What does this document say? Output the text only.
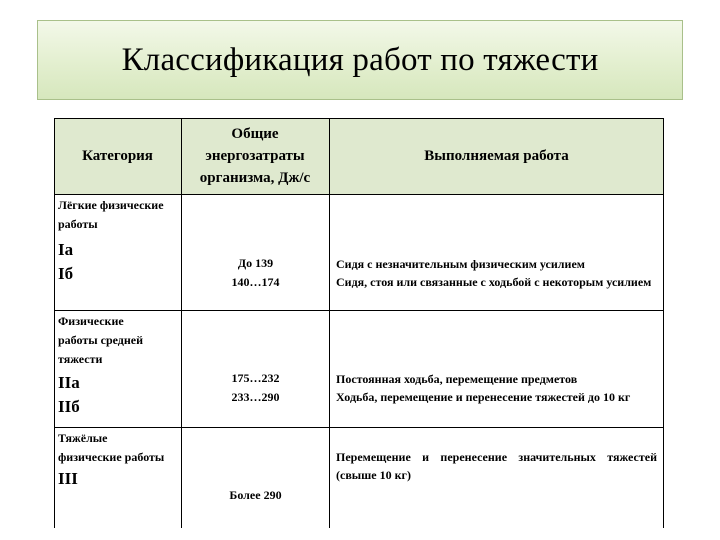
Классификация работ по тяжести
Категория
Общие
энергозатраты
организма, Дж/с
Выполняемая работа
Лёгкие физические
работы
Iа
Iб
До 139
140…174
Сидя с незначительным физическим усилием
Сидя, стоя или связанные с ходьбой с некоторым усилием
Физические
работы средней
тяжести
IIа
IIб
175…232
233…290
Постоянная ходьба, перемещение предметов
Ходьба, перемещение и перенесение тяжестей до 10 кг
Тяжёлые
физические работы
III
Более 290
Перемещение и перенесение значительных тяжестей (свыше 10 кг)
